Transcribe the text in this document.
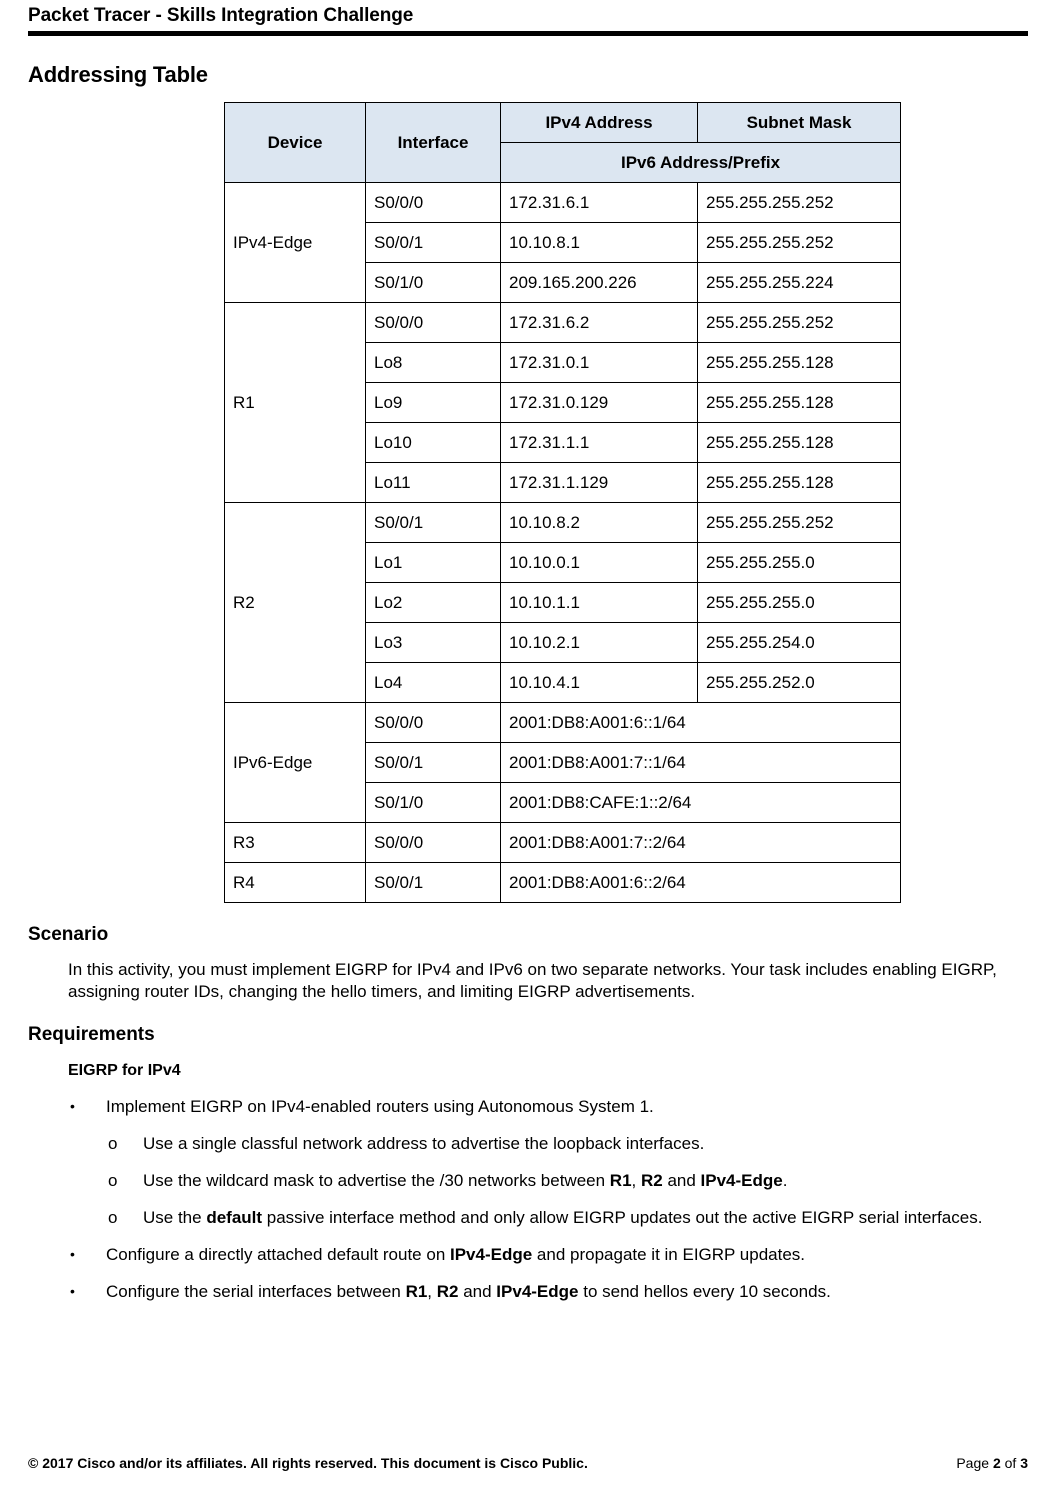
Packet Tracer - Skills Integration Challenge
Addressing Table
Device	Interface	IPv4 Address	Subnet Mask
		IPv6 Address/Prefix	
IPv4-Edge	S0/0/0	172.31.6.1	255.255.255.252
	S0/0/1	10.10.8.1	255.255.255.252
	S0/1/0	209.165.200.226	255.255.255.224
R1	S0/0/0	172.31.6.2	255.255.255.252
	Lo8	172.31.0.1	255.255.255.128
	Lo9	172.31.0.129	255.255.255.128
	Lo10	172.31.1.1	255.255.255.128
	Lo11	172.31.1.129	255.255.255.128
R2	S0/0/1	10.10.8.2	255.255.255.252
	Lo1	10.10.0.1	255.255.255.0
	Lo2	10.10.1.1	255.255.255.0
	Lo3	10.10.2.1	255.255.254.0
	Lo4	10.10.4.1	255.255.252.0
IPv6-Edge	S0/0/0	2001:DB8:A001:6::1/64	
	S0/0/1	2001:DB8:A001:7::1/64	
	S0/1/0	2001:DB8:CAFE:1::2/64	
R3	S0/0/0	2001:DB8:A001:7::2/64	
R4	S0/0/1	2001:DB8:A001:6::2/64	
Scenario

In this activity, you must implement EIGRP for IPv4 and IPv6 on two separate networks. Your task includes enabling EIGRP, assigning router IDs, changing the hello timers, and limiting EIGRP advertisements.

Requirements
EIGRP for IPv4
• Implement EIGRP on IPv4-enabled routers using Autonomous System 1.
o Use a single classful network address to advertise the loopback interfaces.
o Use the wildcard mask to advertise the /30 networks between R1, R2 and IPv4-Edge.
o Use the default passive interface method and only allow EIGRP updates out the active EIGRP serial interfaces.
• Configure a directly attached default route on IPv4-Edge and propagate it in EIGRP updates.
• Configure the serial interfaces between R1, R2 and IPv4-Edge to send hellos every 10 seconds.
© 2017 Cisco and/or its affiliates. All rights reserved. This document is Cisco Public.	Page 2 of 3
